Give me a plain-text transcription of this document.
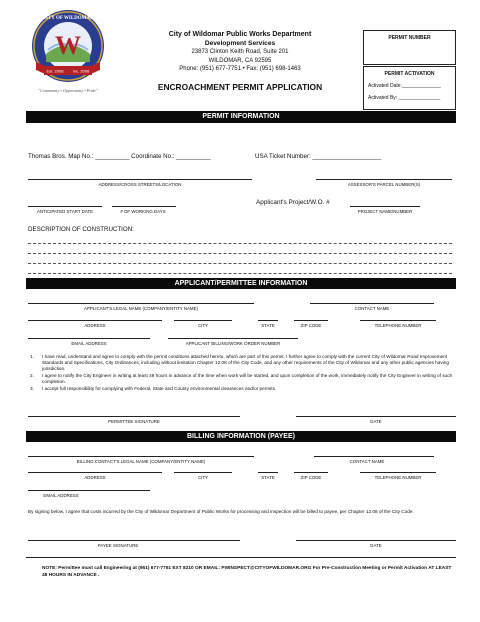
W
Est. 2008 Inc. 2008
"Community • Opportunity • Pride"
CITY OF WILDOMAR
City of Wildomar Public Works Department
Development Services
23873 Clinton Keith Road, Suite 201
WILDOMAR, CA 92595
Phone: (951) 677-7751 • Fax: (951) 698-1463
ENCROACHMENT PERMIT APPLICATION
PERMIT NUMBER
PERMIT ACTIVATION
Activated Date:______________
Activated By: _______________
PERMIT INFORMATION
Thomas Bros. Map No.: __________ Coordinate No.: __________	USA Ticket Number: ____________________
ADDRESS/CROSS STREETS/LOCATION	ASSESSOR'S PARCEL NUMBER(S)
ANTICIPATED START DATE	# OF WORKING DAYS
Applicant's Project/W.O. #
PROJECT NAME/NUMBER
DESCRIPTION OF CONSTRUCTION:
APPLICANT/PERMITTEE INFORMATION
APPLICANT'S LEGAL NAME (COMPANY/ENTITY NAME)	CONTACT NAME
ADDRESS	CITY	STATE	ZIP CODE	TELEPHONE NUMBER
EMAIL ADDRESS	APPLICANT BILLING/WORK ORDER NUMBER
1. I have read, understand and agree to comply with the permit conditions attached hereto, which are part of this permit. I further agree to comply with the current City of Wildomar Road Improvement Standards and Specifications, City Ordinances, including without limitation Chapter 12.08 of the City Code, and any other requirements of the City of Wildomar and any other public agencies having jurisdiction.
2. I agree to notify the City Engineer in writing at least 48 hours in advance of the time when work will be started, and upon completion of the work, immediately notify the City Engineer in writing of such completion.
3. I accept full responsibility for complying with Federal, State and County environmental clearances and/or permits.
PERMITTEE SIGNATURE	DATE
BILLING INFORMATION (PAYEE)
BILLING CONTACT'S LEGAL NAME (COMPANY/ENTITY NAME)	CONTACT NAME
ADDRESS	CITY	STATE	ZIP CODE	TELEPHONE NUMBER
EMAIL ADDRESS
By signing below, I agree that costs incurred by the City of Wildomar Department of Public Works for processing and inspection will be billed to payee, per Chapter 12.08 of the City Code.
PAYEE SIGNATURE	DATE
NOTE: Permittee must call Engineering at (951) 677-7751 EXT 8210 OR EMAIL: PWINSPECT@CITYOFWILDOMAR.ORG For Pre-Construction Meeting or Permit Activation AT LEAST 48 HOURS IN ADVANCE .
